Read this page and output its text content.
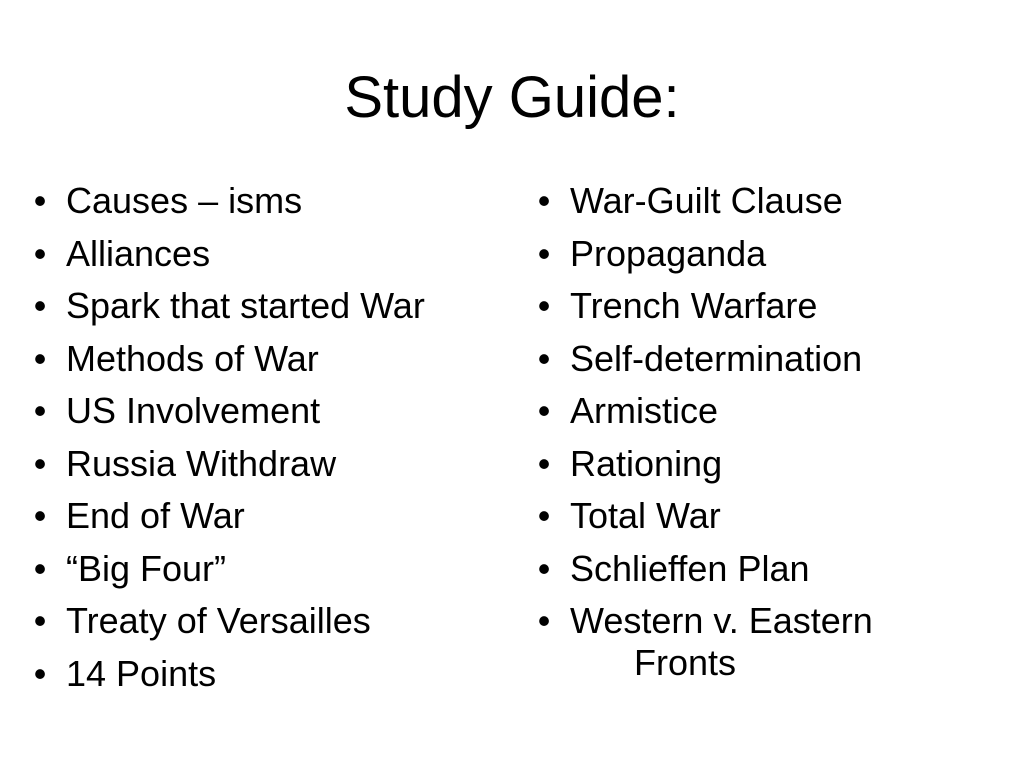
Study Guide:
• Causes – isms
• Alliances
• Spark that started War
• Methods of War
• US Involvement
• Russia Withdraw
• End of War
• “Big Four”
• Treaty of Versailles
• 14 Points
• War-Guilt Clause
• Propaganda
• Trench Warfare
• Self-determination
• Armistice
• Rationing
• Total War
• Schlieffen Plan
• Western v. Eastern
Fronts
